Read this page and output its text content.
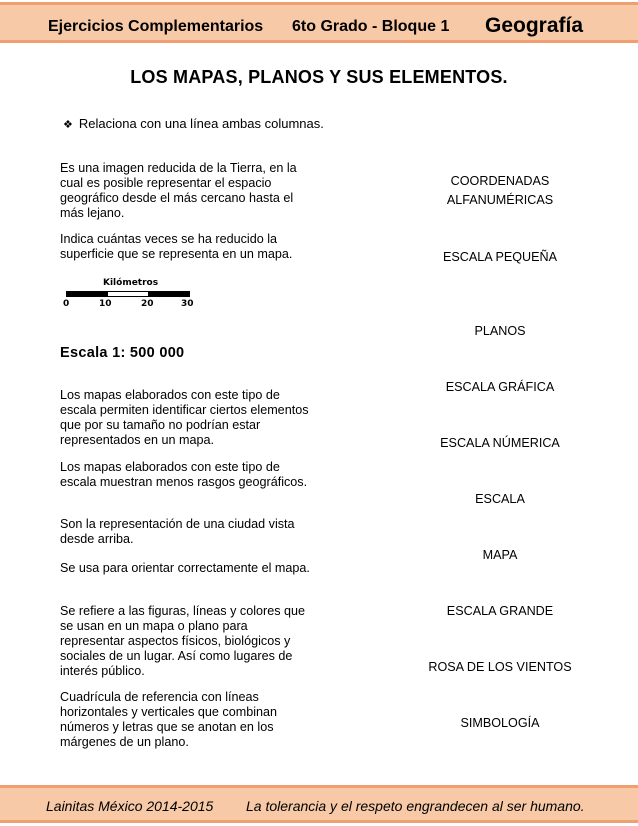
Ejercicios Complementarios 6to Grado - Bloque 1 Geografía
LOS MAPAS, PLANOS Y SUS ELEMENTOS.
❖ Relaciona con una línea ambas columnas.
Es una imagen reducida de la Tierra, en la cual es posible representar el espacio geográfico desde el más cercano hasta el más lejano.
Indica cuántas veces se ha reducido la superficie que se representa en un mapa.
Kilómetros
0	10	20	30
Escala 1: 500 000
Los mapas elaborados con este tipo de escala permiten identificar ciertos elementos que por su tamaño no podrían estar representados en un mapa.
Los mapas elaborados con este tipo de escala muestran menos rasgos geográficos.
Son la representación de una ciudad vista desde arriba.
Se usa para orientar correctamente el mapa.
Se refiere a las figuras, líneas y colores que se usan en un mapa o plano para representar aspectos físicos, biológicos y sociales de un lugar. Así como lugares de interés público.
Cuadrícula de referencia con líneas horizontales y verticales que combinan números y letras que se anotan en los márgenes de un plano.
COORDENADAS ALFANUMÉRICAS
ESCALA PEQUEÑA
PLANOS
ESCALA GRÁFICA
ESCALA NÚMERICA
ESCALA
MAPA
ESCALA GRANDE
ROSA DE LOS VIENTOS
SIMBOLOGÍA
Lainitas México 2014-2015 La tolerancia y el respeto engrandecen al ser humano.
